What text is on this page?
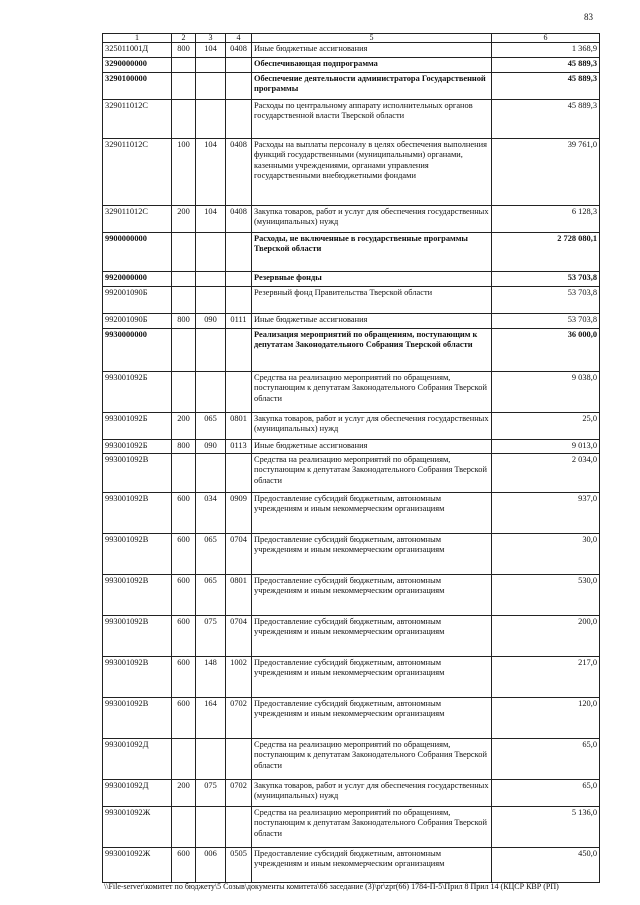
83
1	2	3	4	5	6
325011001Д	800	104	0408	Иные бюджетные ассигнования	1 368,9
3290000000				Обеспечивающая подпрограмма	45 889,3
3290100000				Обеспечение деятельности администратора Государственной программы	45 889,3
329011012С				Расходы по центральному аппарату исполнительных органов государственной власти Тверской области	45 889,3
329011012С	100	104	0408	Расходы на выплаты персоналу в целях обеспечения выполнения функций государственными (муниципальными) органами, казенными учреждениями, органами управления государственными внебюджетными фондами	39 761,0
329011012С	200	104	0408	Закупка товаров, работ и услуг для обеспечения государственных (муниципальных) нужд	6 128,3
9900000000				Расходы, не включенные в государственные программы Тверской области	2 728 080,1
9920000000				Резервные фонды	53 703,8
992001090Б				Резервный фонд Правительства Тверской области	53 703,8
992001090Б	800	090	0111	Иные бюджетные ассигнования	53 703,8
9930000000				Реализация мероприятий по обращениям, поступающим к депутатам Законодательного Собрания Тверской области	36 000,0
993001092Б				Средства на реализацию мероприятий по обращениям, поступающим к депутатам Законодательного Собрания Тверской области	9 038,0
993001092Б	200	065	0801	Закупка товаров, работ и услуг для обеспечения государственных (муниципальных) нужд	25,0
993001092Б	800	090	0113	Иные бюджетные ассигнования	9 013,0
993001092В				Средства на реализацию мероприятий по обращениям, поступающим к депутатам Законодательного Собрания Тверской области	2 034,0
993001092В	600	034	0909	Предоставление субсидий бюджетным, автономным учреждениям и иным некоммерческим организациям	937,0
993001092В	600	065	0704	Предоставление субсидий бюджетным, автономным учреждениям и иным некоммерческим организациям	30,0
993001092В	600	065	0801	Предоставление субсидий бюджетным, автономным учреждениям и иным некоммерческим организациям	530,0
993001092В	600	075	0704	Предоставление субсидий бюджетным, автономным учреждениям и иным некоммерческим организациям	200,0
993001092В	600	148	1002	Предоставление субсидий бюджетным, автономным учреждениям и иным некоммерческим организациям	217,0
993001092В	600	164	0702	Предоставление субсидий бюджетным, автономным учреждениям и иным некоммерческим организациям	120,0
993001092Д				Средства на реализацию мероприятий по обращениям, поступающим к депутатам Законодательного Собрания Тверской области	65,0
993001092Д	200	075	0702	Закупка товаров, работ и услуг для обеспечения государственных (муниципальных) нужд	65,0
993001092Ж				Средства на реализацию мероприятий по обращениям, поступающим к депутатам Законодательного Собрания Тверской области	5 136,0
993001092Ж	600	006	0505	Предоставление субсидий бюджетным, автономным учреждениям и иным некоммерческим организациям	450,0
\\File-server\комитет по бюджету\5 Созыв\документы комитета\66 заседание (3)\pr\zpr(66) 1784-П-5\Прил 8 Прил 14 (КЦСР КВР (РП)
